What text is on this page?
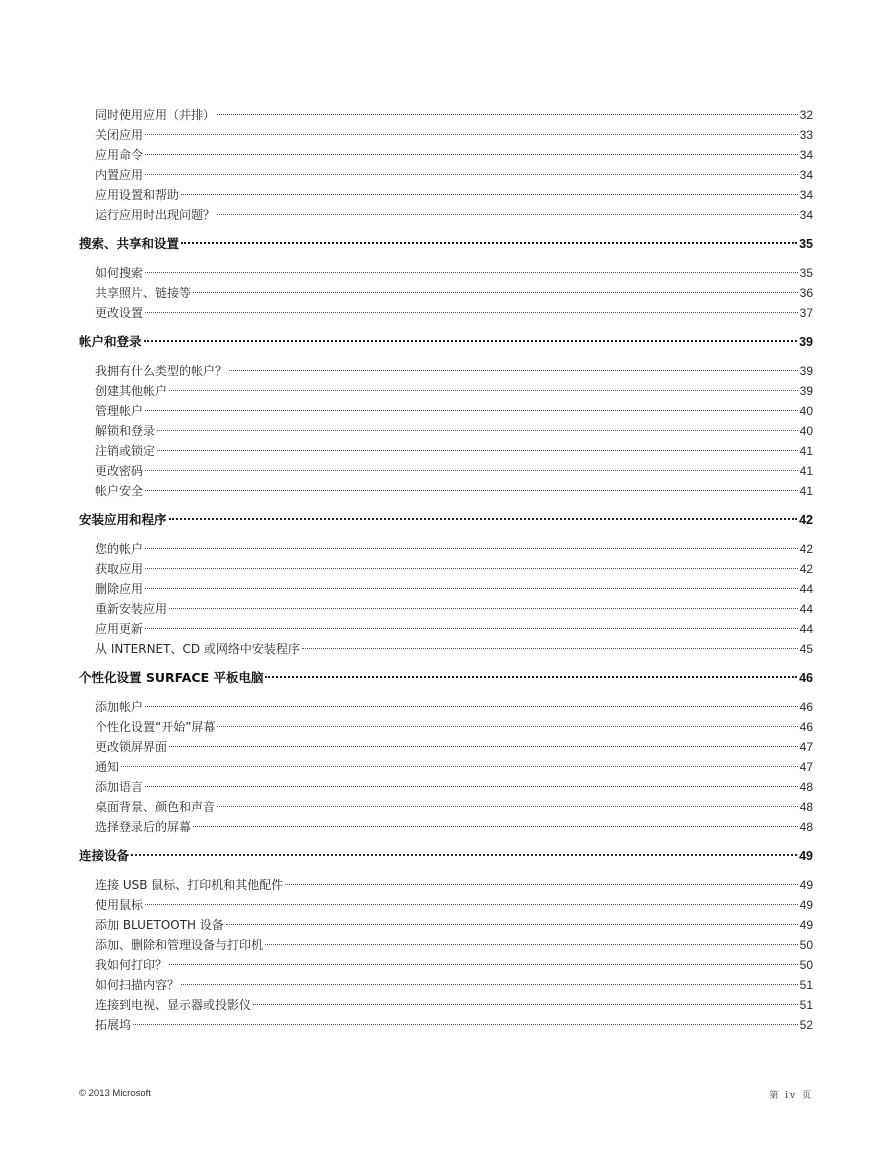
同时使用应用（并排）	32
关闭应用	33
应用命令	34
内置应用	34
应用设置和帮助	34
运行应用时出现问题？	34
搜索、共享和设置	35
如何搜索	35
共享照片、链接等	36
更改设置	37
帐户和登录	39
我拥有什么类型的帐户？	39
创建其他帐户	39
管理帐户	40
解锁和登录	40
注销或锁定	41
更改密码	41
帐户安全	41
安装应用和程序	42
您的帐户	42
获取应用	42
删除应用	44
重新安装应用	44
应用更新	44
从 INTERNET、CD 或网络中安装程序	45
个性化设置 SURFACE 平板电脑	46
添加帐户	46
个性化设置“开始”屏幕	46
更改锁屏界面	47
通知	47
添加语言	48
桌面背景、颜色和声音	48
选择登录后的屏幕	48
连接设备	49
连接 USB 鼠标、打印机和其他配件	49
使用鼠标	49
添加 BLUETOOTH 设备	49
添加、删除和管理设备与打印机	50
我如何打印？	50
如何扫描内容？	51
连接到电视、显示器或投影仪	51
拓展坞	52
© 2013 Microsoft	第 iv 页
